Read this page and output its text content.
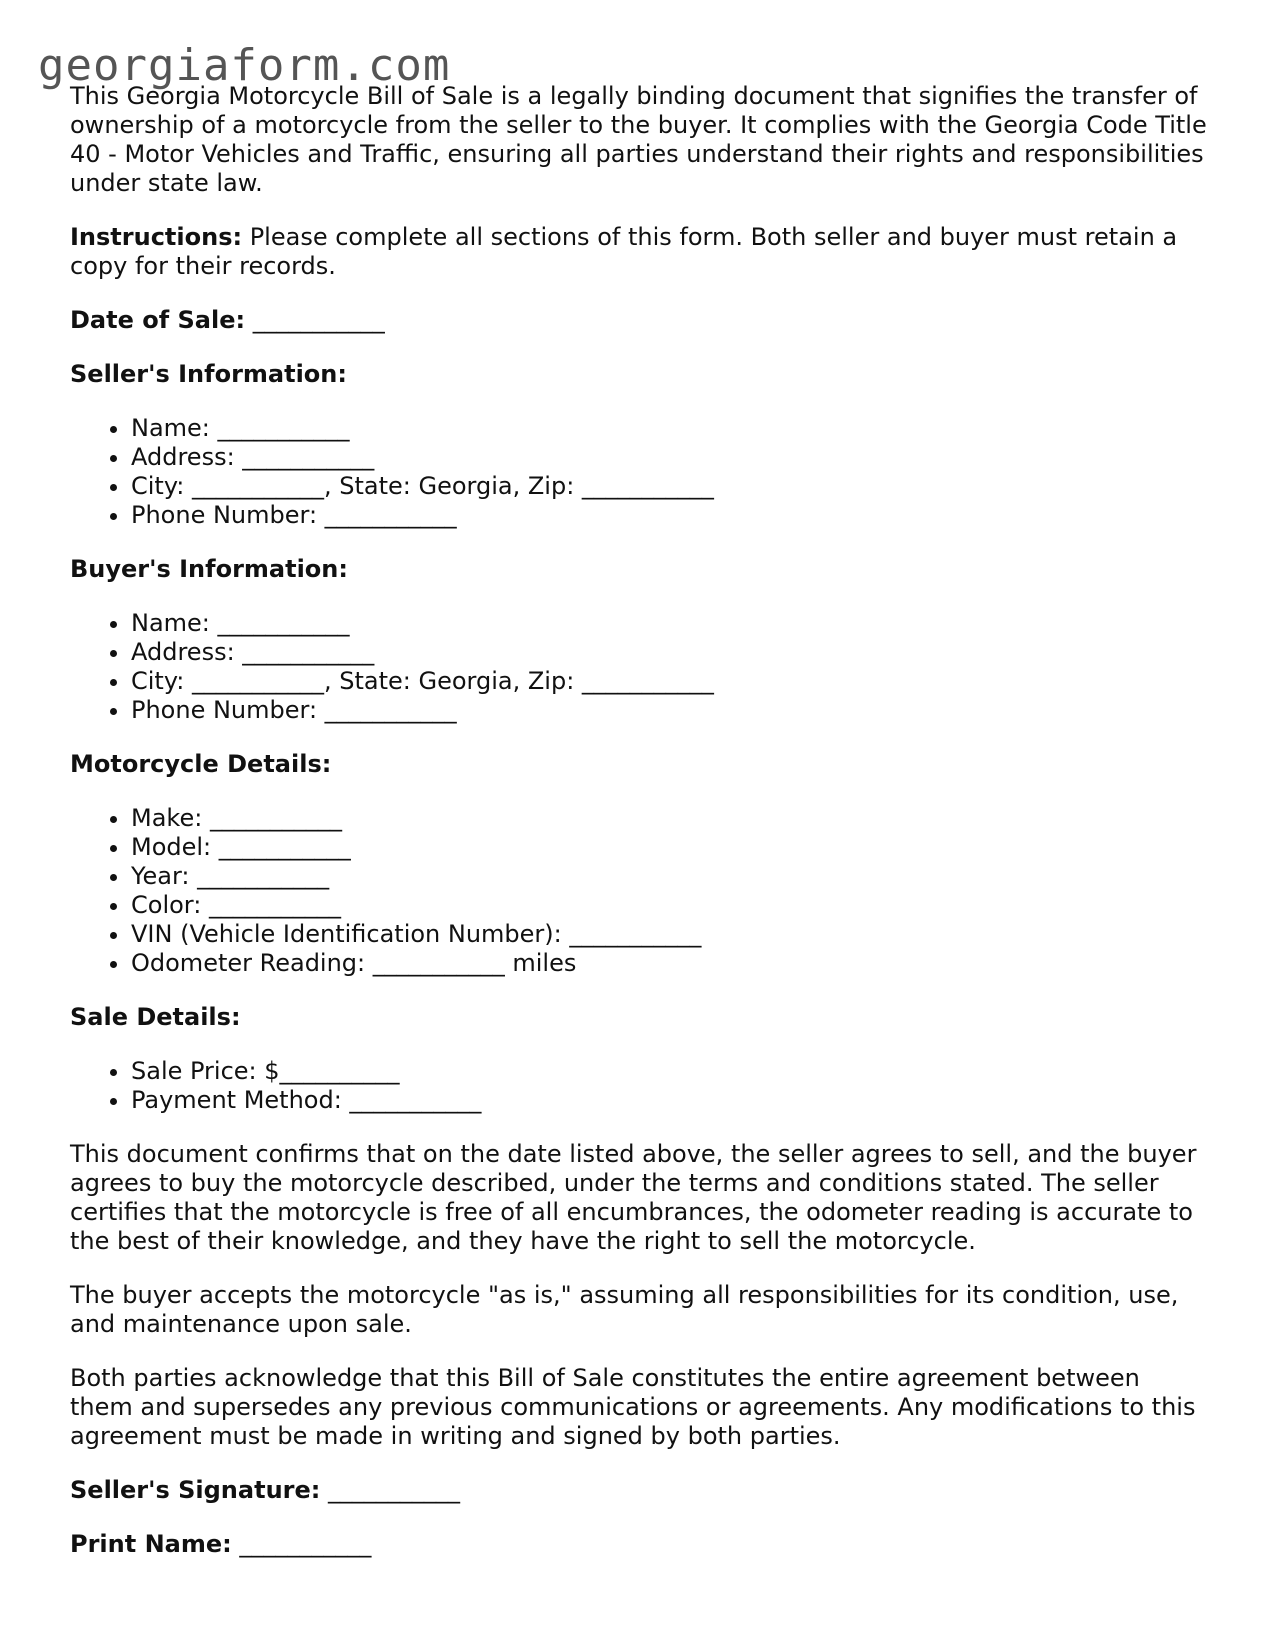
georgiaform.com

This Georgia Motorcycle Bill of Sale is a legally binding document that signifies the transfer of ownership of a motorcycle from the seller to the buyer. It complies with the Georgia Code Title 40 - Motor Vehicles and Traffic, ensuring all parties understand their rights and responsibilities under state law.

Instructions: Please complete all sections of this form. Both seller and buyer must retain a copy for their records.

Date of Sale: ___________

Seller's Information:
• Name: ___________
• Address: ___________
• City: ___________, State: Georgia, Zip: ___________
• Phone Number: ___________
Buyer's Information:
• Name: ___________
• Address: ___________
• City: ___________, State: Georgia, Zip: ___________
• Phone Number: ___________
Motorcycle Details:
• Make: ___________
• Model: ___________
• Year: ___________
• Color: ___________
• VIN (Vehicle Identification Number): ___________
• Odometer Reading: ___________ miles
Sale Details:
• Sale Price: $__________
• Payment Method: ___________

This document confirms that on the date listed above, the seller agrees to sell, and the buyer agrees to buy the motorcycle described, under the terms and conditions stated. The seller certifies that the motorcycle is free of all encumbrances, the odometer reading is accurate to the best of their knowledge, and they have the right to sell the motorcycle.

The buyer accepts the motorcycle "as is," assuming all responsibilities for its condition, use, and maintenance upon sale.

Both parties acknowledge that this Bill of Sale constitutes the entire agreement between them and supersedes any previous communications or agreements. Any modifications to this agreement must be made in writing and signed by both parties.

Seller's Signature: ___________

Print Name: ___________
